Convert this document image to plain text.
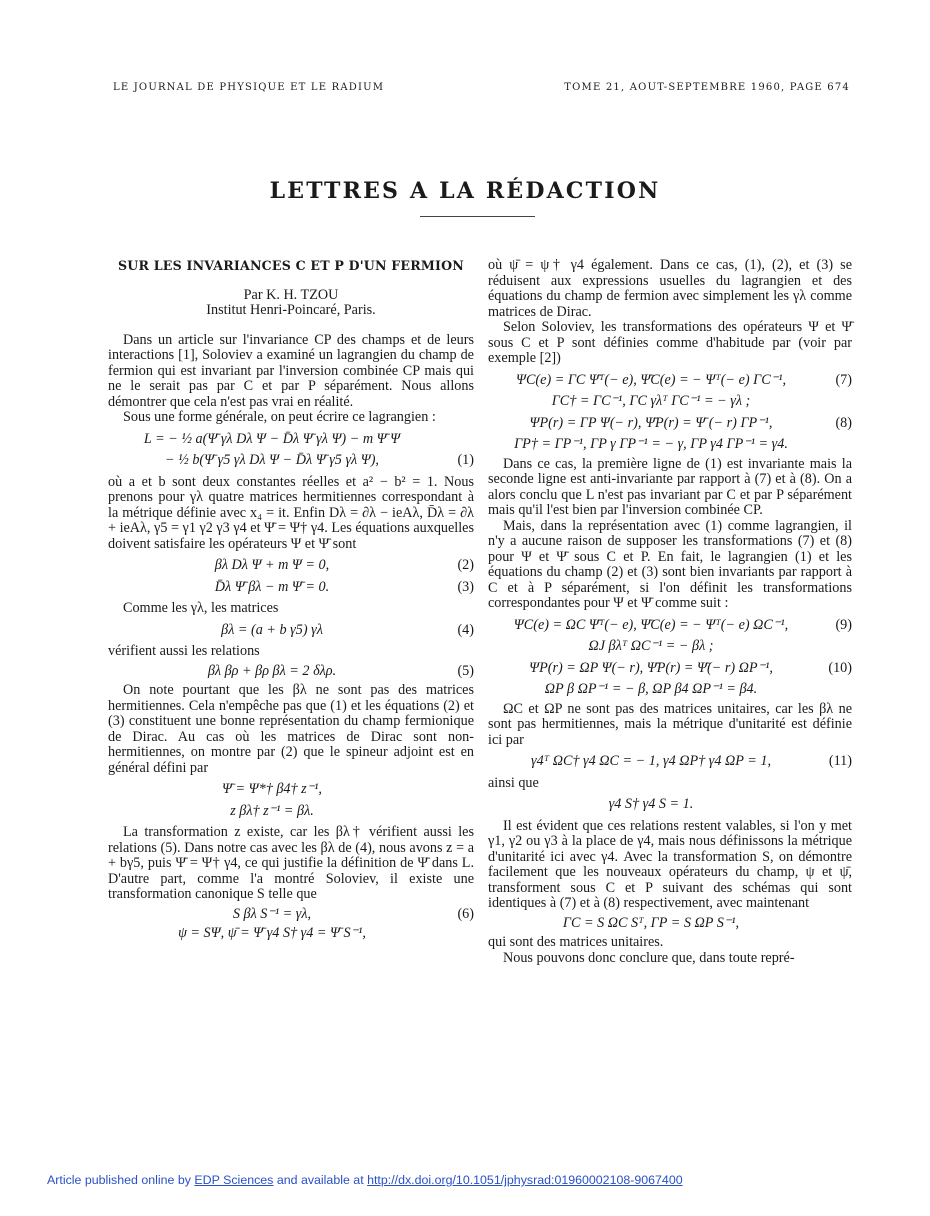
LE JOURNAL DE PHYSIQUE ET LE RADIUM	TOME 21, AOUT-SEPTEMBRE 1960, PAGE 674
LETTRES A LA RÉDACTION

SUR LES INVARIANCES C ET P D'UN FERMION

Par K. H. TZOU

Institut Henri-Poincaré, Paris.

Dans un article sur l'invariance CP des champs et de leurs interactions [1], Soloviev a examiné un lagrangien du champ de fermion qui est invariant par l'inversion combinée CP mais qui ne le serait pas par C et par P séparément. Nous allons démontrer que cela n'est pas vrai en réalité.

Sous une forme générale, on peut écrire ce lagrangien :

L = − ½ a(Ψ̄ γλ Dλ Ψ − D̄λ Ψ̄ γλ Ψ) − m Ψ̄ Ψ
− ½ b(Ψ̄ γ5 γλ Dλ Ψ − D̄λ Ψ̄ γ5 γλ Ψ),	(1)

où a et b sont deux constantes réelles et a² − b² = 1. Nous prenons pour γλ quatre matrices hermitiennes correspondant à la métrique définie avec x₄ = it. Enfin Dλ = ∂λ − ieAλ, D̄λ = ∂λ + ieAλ, γ5 = γ1 γ2 γ3 γ4 et Ψ̄ = Ψ† γ4. Les équations auxquelles doivent satisfaire les opérateurs Ψ et Ψ̄ sont

βλ Dλ Ψ + m Ψ = 0,	(2)
D̄λ Ψ̄ βλ − m Ψ̄ = 0.	(3)

Comme les γλ, les matrices

βλ = (a + b γ5) γλ	(4)

vérifient aussi les relations

βλ βρ + βρ βλ = 2 δλρ.	(5)

On note pourtant que les βλ ne sont pas des matrices hermitiennes. Cela n'empêche pas que (1) et les équations (2) et (3) constituent une bonne représentation du champ fermionique de Dirac. Au cas où les matrices de Dirac sont non-hermitiennes, on montre par (2) que le spineur adjoint est en général défini par

Ψ̄ = Ψ*† β4† z⁻¹,
z βλ† z⁻¹ = βλ.

La transformation z existe, car les βλ† vérifient aussi les relations (5). Dans notre cas avec les βλ de (4), nous avons z = a + bγ5, puis Ψ̄ = Ψ† γ4, ce qui justifie la définition de Ψ̄ dans L. D'autre part, comme l'a montré Soloviev, il existe une transformation canonique S telle que

S βλ S⁻¹ = γλ,	(6)
ψ = SΨ, ψ̄ = Ψ̄ γ4 S† γ4 = Ψ̄ S⁻¹,

où ψ̄ = ψ† γ4 également. Dans ce cas, (1), (2), et (3) se réduisent aux expressions usuelles du lagrangien et des équations du champ de fermion avec simplement les γλ comme matrices de Dirac.

Selon Soloviev, les transformations des opérateurs Ψ et Ψ̄ sous C et P sont définies comme d'habitude par (voir par exemple [2])

ΨC(e) = ΓC Ψ̄ᵀ(− e), Ψ̄C(e) = − Ψᵀ(− e) ΓC⁻¹,	(7)
ΓC† = ΓC⁻¹, ΓC γλᵀ ΓC⁻¹ = − γλ ;
ΨP(r) = ΓP Ψ(− r), Ψ̄P(r) = Ψ̄ (− r) ΓP⁻¹,	(8)
ΓP† = ΓP⁻¹, ΓP γ ΓP⁻¹ = − γ, ΓP γ4 ΓP⁻¹ = γ4.

Dans ce cas, la première ligne de (1) est invariante mais la seconde ligne est anti-invariante par rapport à (7) et à (8). On a alors conclu que L n'est pas invariant par C et par P séparément mais qu'il l'est bien par l'inversion combinée CP.

Mais, dans la représentation avec (1) comme lagrangien, il n'y a aucune raison de supposer les transformations (7) et (8) pour Ψ et Ψ̄ sous C et P. En fait, le lagrangien (1) et les équations du champ (2) et (3) sont bien invariants par rapport à C et à P séparément, si l'on définit les transformations correspondantes pour Ψ et Ψ̄ comme suit :

ΨC(e) = ΩC Ψ̄ᵀ(− e), Ψ̄C(e) = − Ψᵀ(− e) ΩC⁻¹,	(9)
ΩJ βλᵀ ΩC⁻¹ = − βλ ;
ΨP(r) = ΩP Ψ(− r), Ψ̄P(r) = Ψ̄(− r) ΩP⁻¹,	(10)
ΩP β ΩP⁻¹ = − β, ΩP β4 ΩP⁻¹ = β4.

ΩC et ΩP ne sont pas des matrices unitaires, car les βλ ne sont pas hermitiennes, mais la métrique d'unitarité est définie ici par

γ4ᵀ ΩC† γ4 ΩC = − 1, γ4 ΩP† γ4 ΩP = 1,	(11)

ainsi que

γ4 S† γ4 S = 1.

Il est évident que ces relations restent valables, si l'on y met γ1, γ2 ou γ3 à la place de γ4, mais nous définissons la métrique d'unitarité ici avec γ4. Avec la transformation S, on démontre facilement que les nouveaux opérateurs du champ, ψ et ψ̄, transforment sous C et P suivant des schémas qui sont identiques à (7) et à (8) respectivement, avec maintenant

ΓC = S ΩC Sᵀ, ΓP = S ΩP S⁻¹,

qui sont des matrices unitaires.

Nous pouvons donc conclure que, dans toute repré-

Article published online by EDP Sciences and available at http://dx.doi.org/10.1051/jphysrad:01960002108-9067400
